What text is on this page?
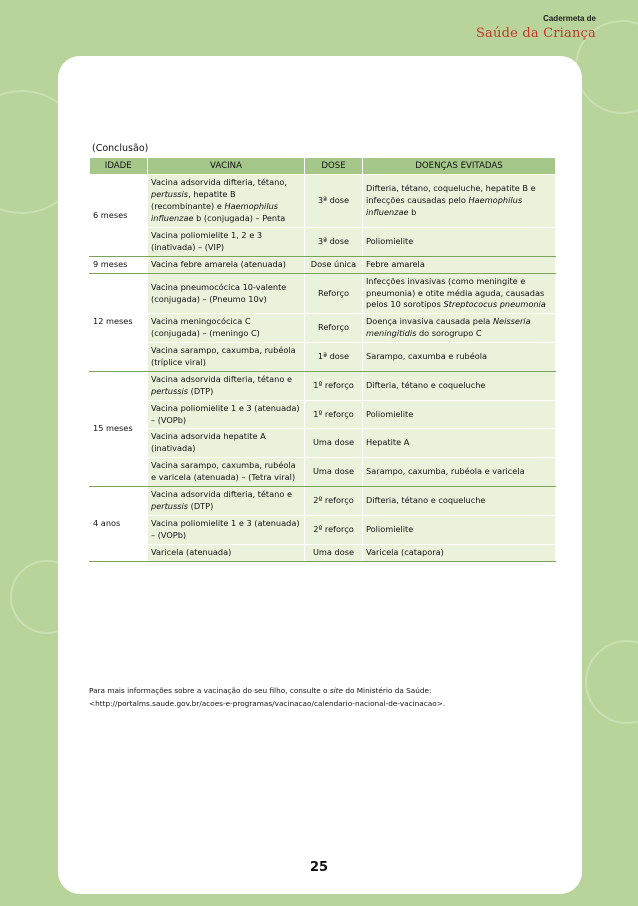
Cadermeta de
Saúde da Criança
(Conclusão)
IDADE	VACINA	DOSE	DOENÇAS EVITADAS
6 meses	Vacina adsorvida difteria, tétano, pertussis, hepatite B (recombinante) e Haemophilus influenzae b (conjugada) – Penta	3ª dose	Difteria, tétano, coqueluche, hepatite B e infecções causadas pelo Haemophilus influenzae b
	Vacina poliomielite 1, 2 e 3 (inativada) – (VIP)	3ª dose	Poliomielite
9 meses	Vacina febre amarela (atenuada)	Dose única	Febre amarela
12 meses	Vacina pneumocócica 10-valente (conjugada) – (Pneumo 10v)	Reforço	Infecções invasivas (como meningite e pneumonia) e otite média aguda, causadas pelos 10 sorotipos Streptococus pneumonia
	Vacina meningocócica C (conjugada) – (meningo C)	Reforço	Doença invasiva causada pela Neisseria meningitidis do sorogrupo C
	Vacina sarampo, caxumba, rubéola (tríplice viral)	1ª dose	Sarampo, caxumba e rubéola
15 meses	Vacina adsorvida difteria, tétano e pertussis (DTP)	1º reforço	Difteria, tétano e coqueluche
	Vacina poliomielite 1 e 3 (atenuada) – (VOPb)	1º reforço	Poliomielite
	Vacina adsorvida hepatite A (inativada)	Uma dose	Hepatite A
	Vacina sarampo, caxumba, rubéola e varicela (atenuada) – (Tetra viral)	Uma dose	Sarampo, caxumba, rubéola e varicela
4 anos	Vacina adsorvida difteria, tétano e pertussis (DTP)	2º reforço	Difteria, tétano e coqueluche
	Vacina poliomielite 1 e 3 (atenuada) – (VOPb)	2º reforço	Poliomielite
	Varicela (atenuada)	Uma dose	Varicela (catapora)
Para mais informações sobre a vacinação do seu filho, consulte o site do Ministério da Saúde: <http://portalms.saude.gov.br/acoes-e-programas/vacinacao/calendario-nacional-de-vacinacao>.
25
